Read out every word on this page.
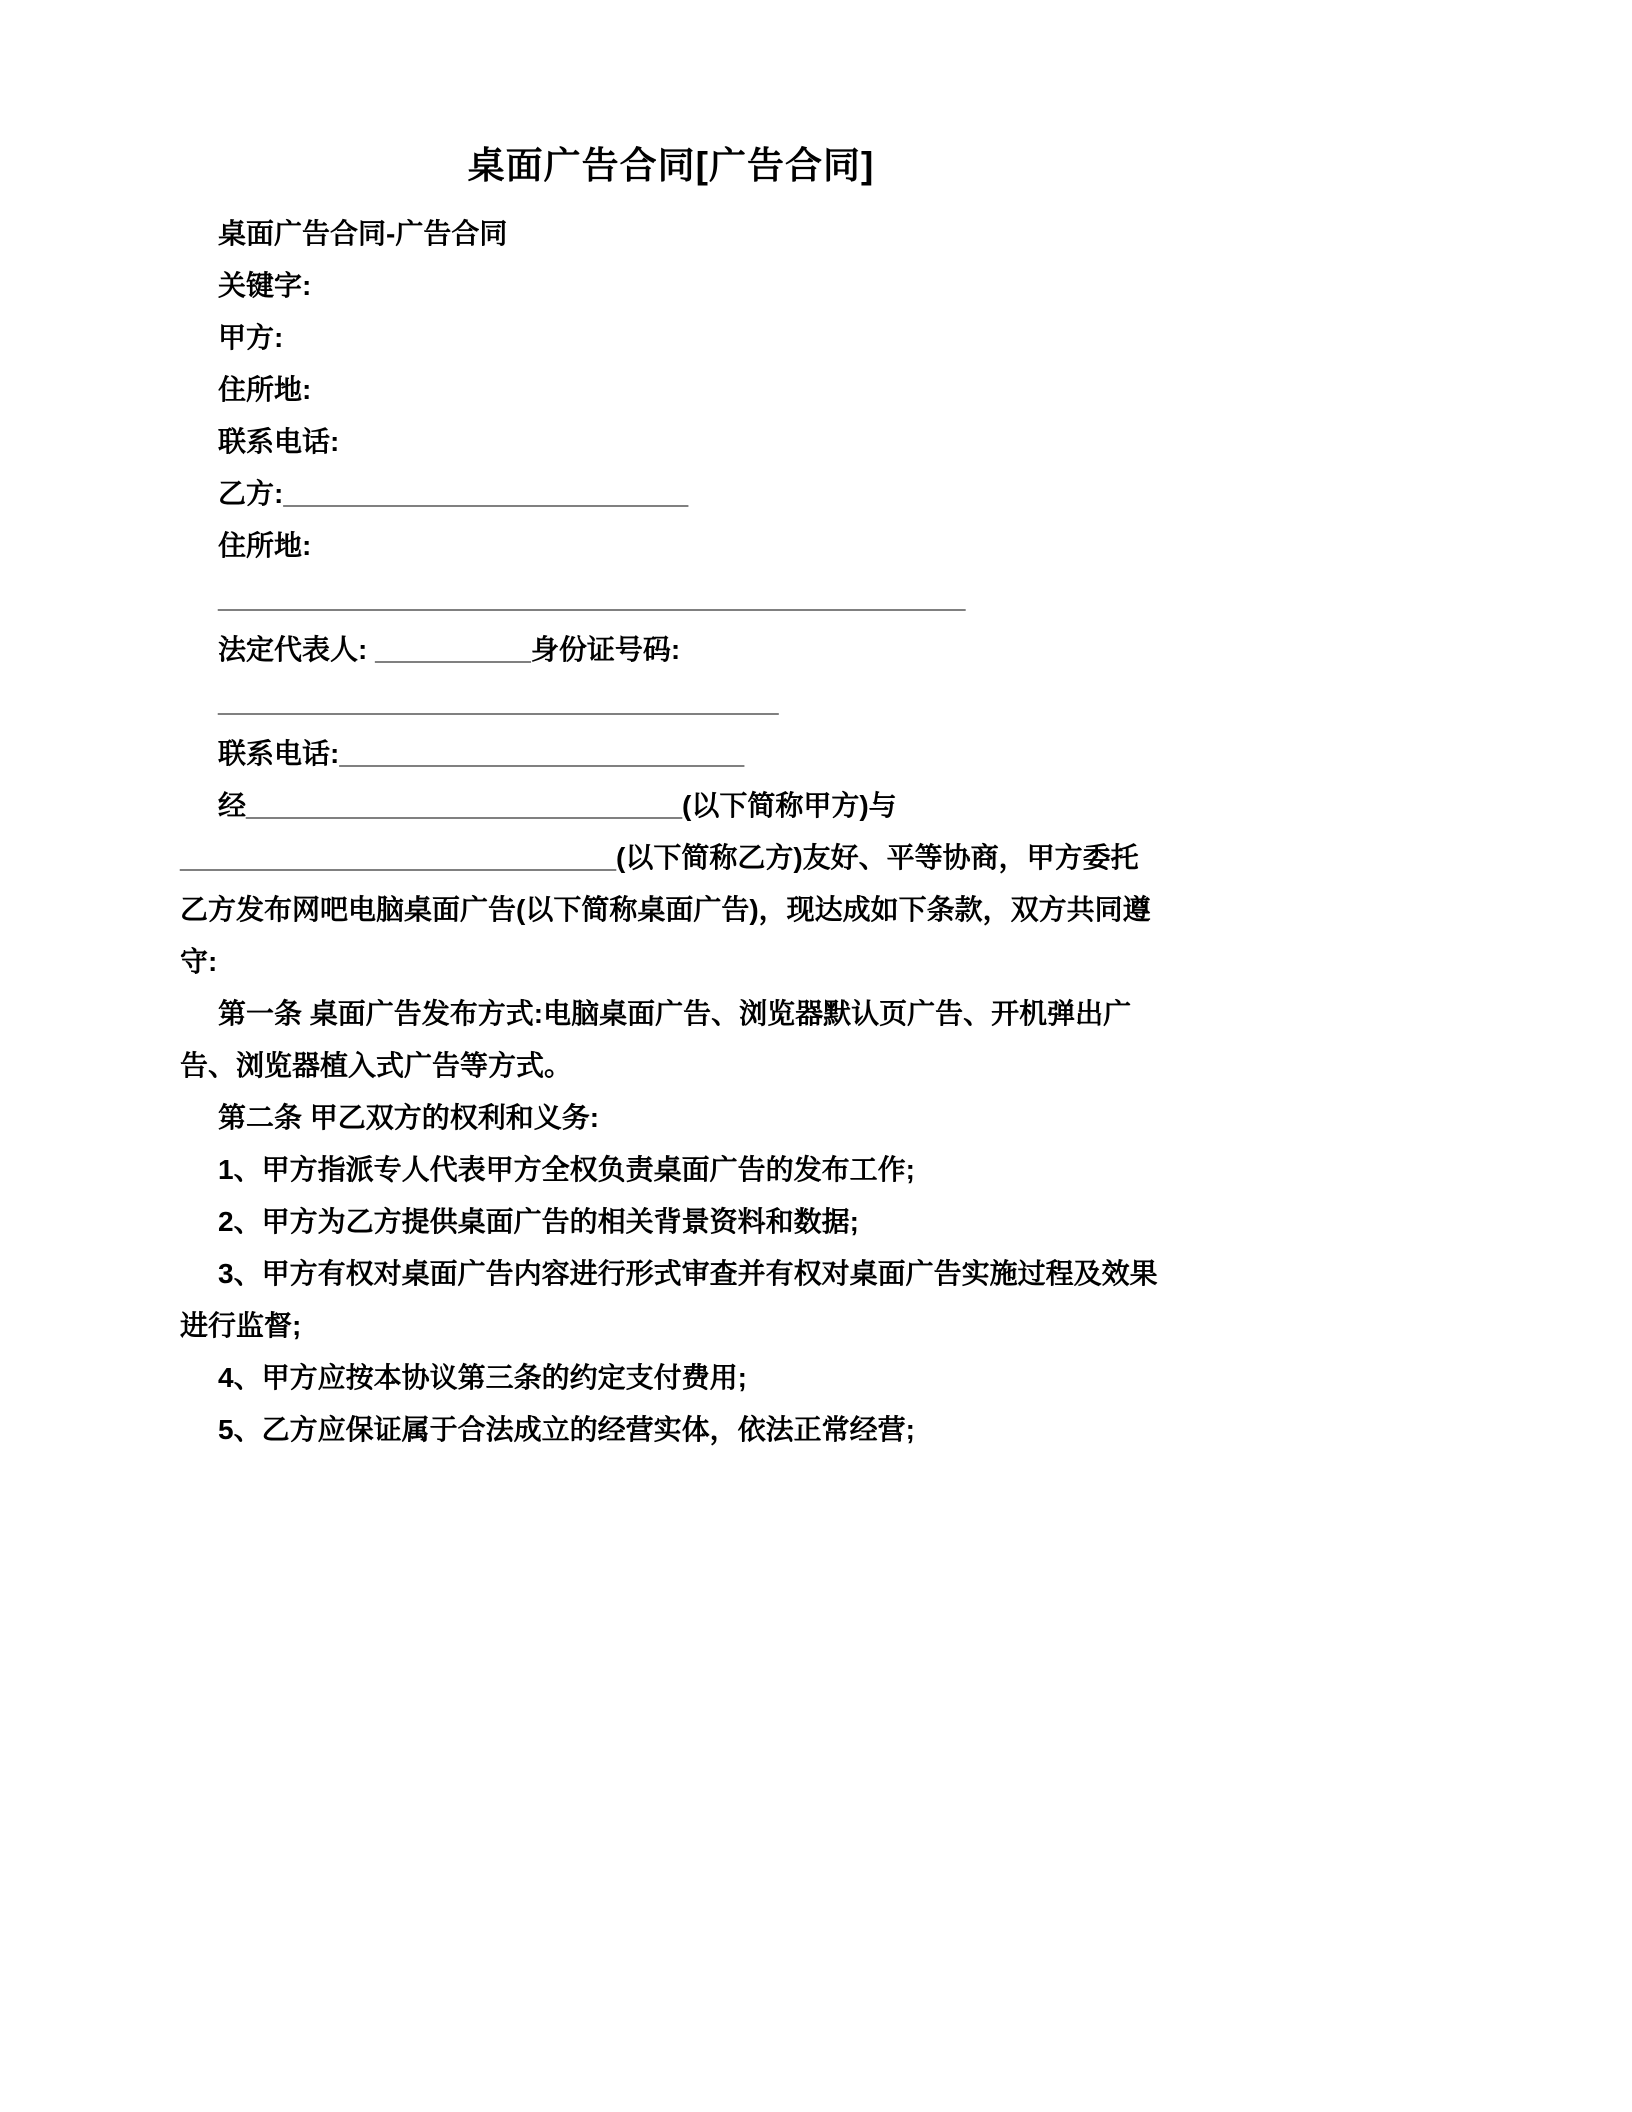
桌面广告合同[广告合同]

桌面广告合同-广告合同

关键字:

甲方:

住所地:

联系电话:

乙方:__________________________

住所地:

________________________________________________

法定代表人: __________身份证号码:

____________________________________

联系电话:__________________________

经____________________________(以下简称甲方)与____________________________(以下简称乙方)友好、平等协商，甲方委托乙方发布网吧电脑桌面广告(以下简称桌面广告)，现达成如下条款，双方共同遵守:

第一条 桌面广告发布方式:电脑桌面广告、浏览器默认页广告、开机弹出广告、浏览器植入式广告等方式。

第二条 甲乙双方的权利和义务:

1、甲方指派专人代表甲方全权负责桌面广告的发布工作;

2、甲方为乙方提供桌面广告的相关背景资料和数据;

3、甲方有权对桌面广告内容进行形式审查并有权对桌面广告实施过程及效果进行监督;

4、甲方应按本协议第三条的约定支付费用;

5、乙方应保证属于合法成立的经营实体，依法正常经营;
